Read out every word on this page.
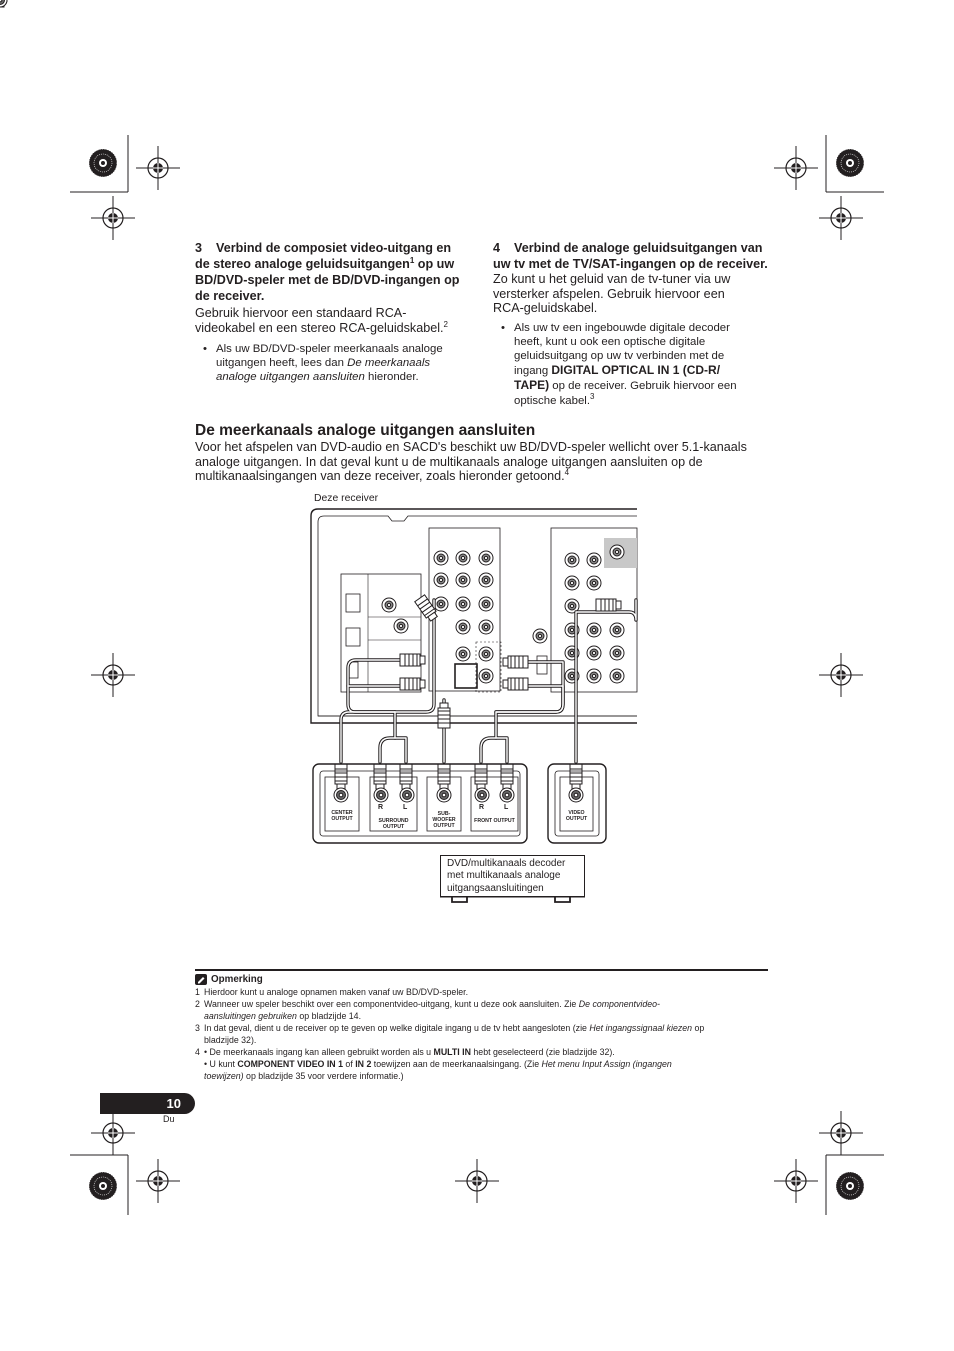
3 Verbind de composiet video-uitgang en
de stereo analoge geluidsuitgangen$^1$ op uw
BD/DVD-speler met de BD/DVD-ingangen op
de receiver.
Gebruik hiervoor een standaard RCA-
videokabel en een stereo RCA-geluidskabel.$^2$
• Als uw BD/DVD-speler meerkanaals analoge
uitgangen heeft, lees dan De meerkanaals
analoge uitgangen aansluiten hieronder.
4 Verbind de analoge geluidsuitgangen van
uw tv met de TV/SAT-ingangen op de receiver.
Zo kunt u het geluid van de tv-tuner via uw
versterker afspelen. Gebruik hiervoor een
RCA-geluidskabel.
• Als uw tv een ingebouwde digitale decoder
heeft, kunt u ook een optische digitale
geluidsuitgang op uw tv verbinden met de
ingang DIGITAL OPTICAL IN 1 (CD-R/
TAPE) op de receiver. Gebruik hiervoor een
optische kabel.$^3$
De meerkanaals analoge uitgangen aansluiten
Voor het afspelen van DVD-audio en SACD's beschikt uw BD/DVD-speler wellicht over 5.1-kanaals
analoge uitgangen. In dat geval kunt u de multikanaals analoge uitgangen aansluiten op de
multikanaalsingangen van deze receiver, zoals hieronder getoond.$^4$
Deze receiver
CENTER OUTPUT
R	L
SURROUND OUTPUT
SUB-WOOFER OUTPUT
R	L
FRONT OUTPUT
VIDEO OUTPUT
DVD/multikanaals decoder
met multikanaals analoge
uitgangsaansluitingen
Opmerking
1 Hierdoor kunt u analoge opnamen maken vanaf uw BD/DVD-speler.
2 Wanneer uw speler beschikt over een componentvideo-uitgang, kunt u deze ook aansluiten. Zie De componentvideo-
aansluitingen gebruiken op bladzijde 14.
3 In dat geval, dient u de receiver op te geven op welke digitale ingang u de tv hebt aangesloten (zie Het ingangssignaal kiezen op
bladzijde 32).
4 • De meerkanaals ingang kan alleen gebruikt worden als u MULTI IN hebt geselecteerd (zie bladzijde 32).
• U kunt COMPONENT VIDEO IN 1 of IN 2 toewijzen aan de meerkanaalsingang. (Zie Het menu Input Assign (ingangen
toewijzen) op bladzijde 35 voor verdere informatie.)
10
Du
